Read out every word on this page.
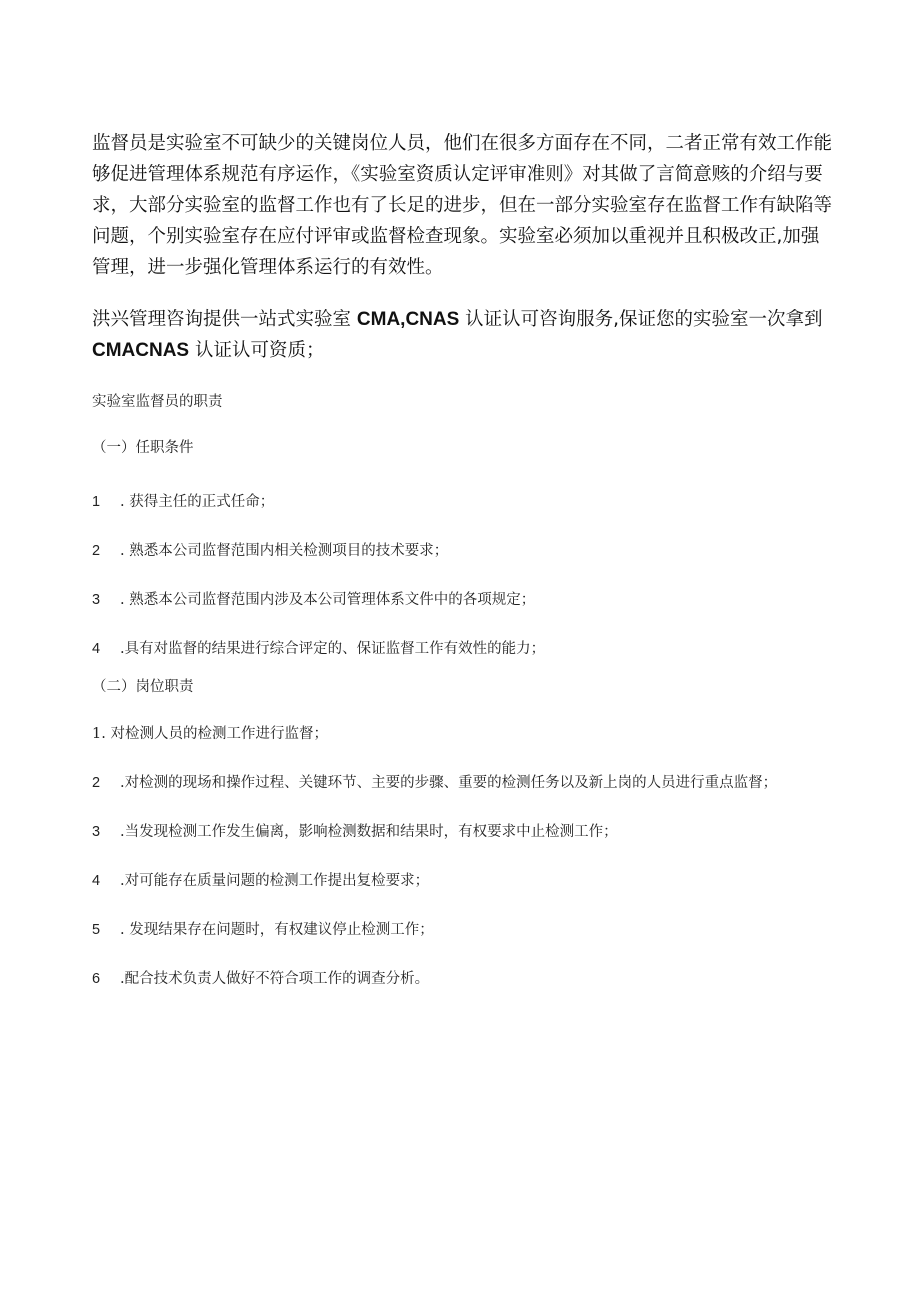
监督员是实验室不可缺少的关键岗位人员，他们在很多方面存在不同，二者正常有效工作能够促进管理体系规范有序运作，《实验室资质认定评审准则》对其做了言简意赅的介绍与要求，大部分实验室的监督工作也有了长足的进步，但在一部分实验室存在监督工作有缺陷等问题，个别实验室存在应付评审或监督检查现象。实验室必须加以重视并且积极改正,加强管理，进一步强化管理体系运行的有效性。

洪兴管理咨询提供一站式实验室 CMA,CNAS 认证认可咨询服务,保证您的实验室一次拿到
CMACNAS 认证认可资质；

实验室监督员的职责

（一）任职条件

1 . 获得主任的正式任命；

2 . 熟悉本公司监督范围内相关检测项目的技术要求；

3 . 熟悉本公司监督范围内涉及本公司管理体系文件中的各项规定；

4 .具有对监督的结果进行综合评定的、保证监督工作有效性的能力；

（二）岗位职责

1. 对检测人员的检测工作进行监督；

2 .对检测的现场和操作过程、关键环节、主要的步骤、重要的检测任务以及新上岗的人员进行重点监督；

3 .当发现检测工作发生偏离，影响检测数据和结果时，有权要求中止检测工作；

4 .对可能存在质量问题的检测工作提出复检要求；

5 . 发现结果存在问题时，有权建议停止检测工作；

6 .配合技术负责人做好不符合项工作的调查分析。
